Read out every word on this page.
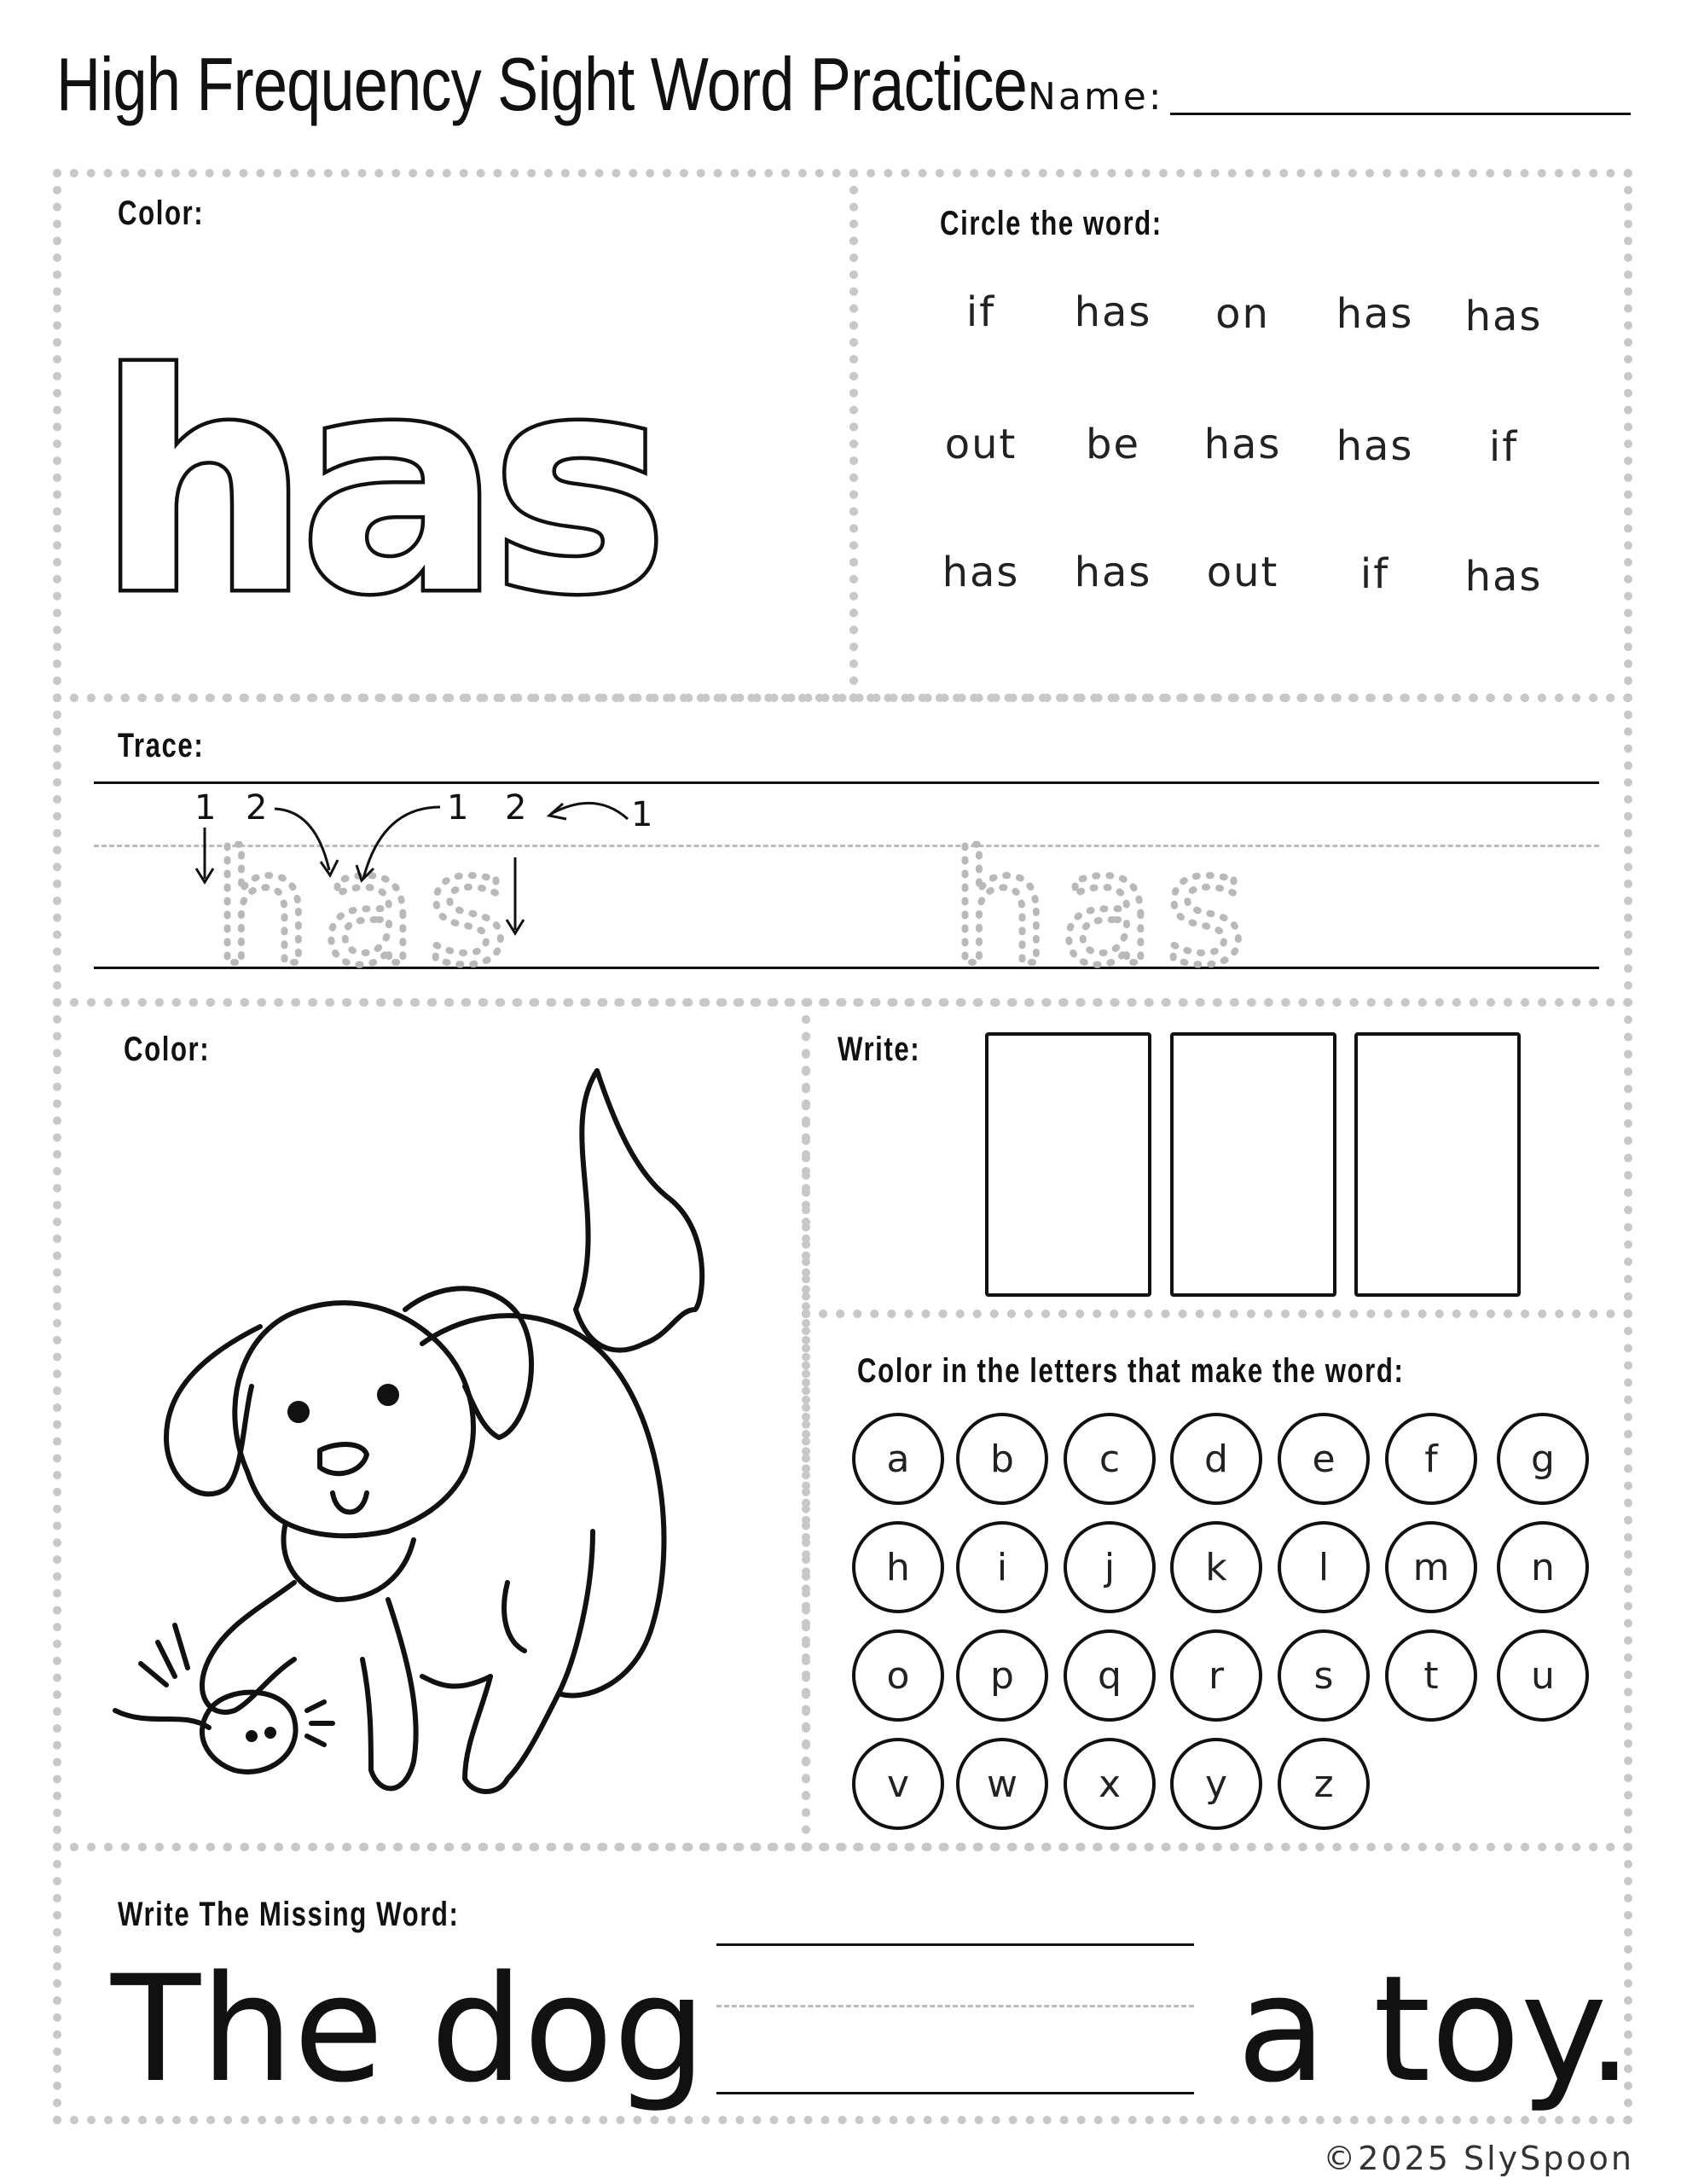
High Frequency Sight Word Practice Name:
Color:
has
Circle the word:
if has on has has
out be has has if
has has out if has
Trace:
has	has
1 2	1 2	1
Color:	Write:
Color in the letters that make the word:
a	b	c	d	e	f	g
h	i	j	k	l	m	n
o	p	q	r	s	t	u
v	w	x	y	z
Write The Missing Word:
The dog	a toy.
©2025 SlySpoon
